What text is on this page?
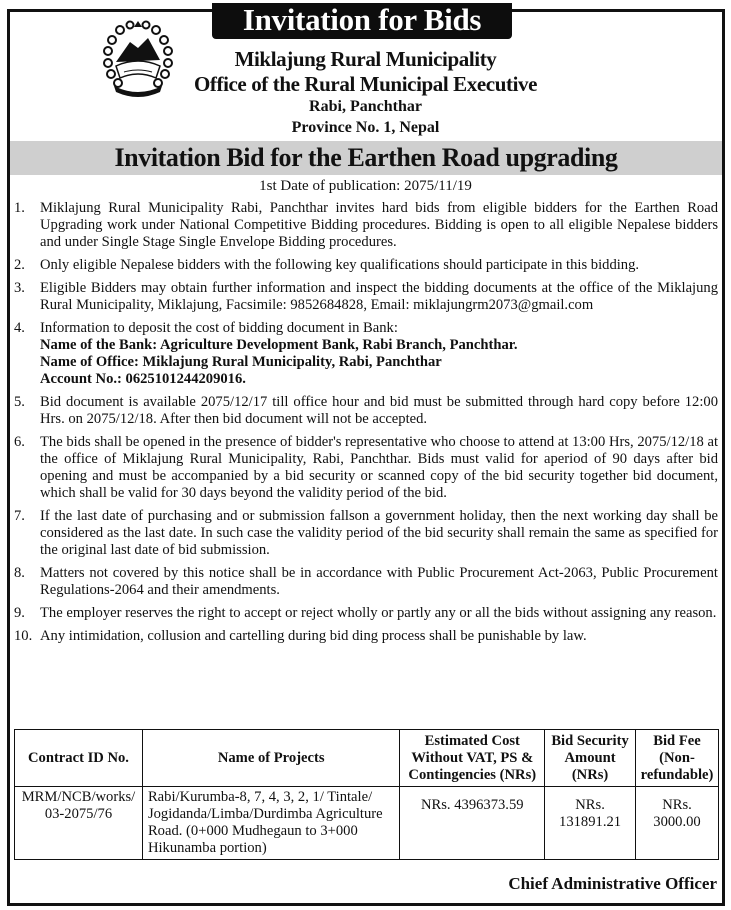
Invitation for Bids
Miklajung Rural Municipality
Office of the Rural Municipal Executive
Rabi, Panchthar
Province No. 1, Nepal
Invitation Bid for the Earthen Road upgrading
1st Date of publication: 2075/11/19
1.	Miklajung Rural Municipality Rabi, Panchthar invites hard bids from eligible bidders for the Earthen Road Upgrading work under National Competitive Bidding procedures. Bidding is open to all eligible Nepalese bidders and under Single Stage Single Envelope Bidding procedures.
2.	Only eligible Nepalese bidders with the following key qualifications should participate in this bidding.
3.	Eligible Bidders may obtain further information and inspect the bidding documents at the office of the Miklajung Rural Municipality, Miklajung, Facsimile: 9852684828, Email: miklajungrm2073@gmail.com
4.	Information to deposit the cost of bidding document in Bank:
Name of the Bank: Agriculture Development Bank, Rabi Branch, Panchthar.
Name of Office: Miklajung Rural Municipality, Rabi, Panchthar
Account No.: 0625101244209016.
5.	Bid document is available 2075/12/17 till office hour and bid must be submitted through hard copy before 12:00 Hrs. on 2075/12/18. After then bid document will not be accepted.
6.	The bids shall be opened in the presence of bidder's representative who choose to attend at 13:00 Hrs, 2075/12/18 at the office of Miklajung Rural Municipality, Rabi, Panchthar. Bids must valid for aperiod of 90 days after bid opening and must be accompanied by a bid security or scanned copy of the bid security together bid document, which shall be valid for 30 days beyond the validity period of the bid.
7.	If the last date of purchasing and or submission fallson a government holiday, then the next working day shall be considered as the last date. In such case the validity period of the bid security shall remain the same as specified for the original last date of bid submission.
8.	Matters not covered by this notice shall be in accordance with Public Procurement Act-2063, Public Procurement Regulations-2064 and their amendments.
9.	The employer reserves the right to accept or reject wholly or partly any or all the bids without assigning any reason.
10. Any intimidation, collusion and cartelling during bid ding process shall be punishable by law.
Contract ID No.	Name of Projects	Estimated Cost Without VAT, PS & Contingencies (NRs)	Bid Security Amount (NRs)	Bid Fee (Non-refundable)
MRM/NCB/works/ 03-2075/76	Rabi/Kurumba-8, 7, 4, 3, 2, 1/ Tintale/ Jogidanda/Limba/Durdimba Agriculture Road. (0+000 Mudhegaun to 3+000 Hikunamba portion)	NRs. 4396373.59	NRs. 131891.21	NRs. 3000.00
Chief Administrative Officer
